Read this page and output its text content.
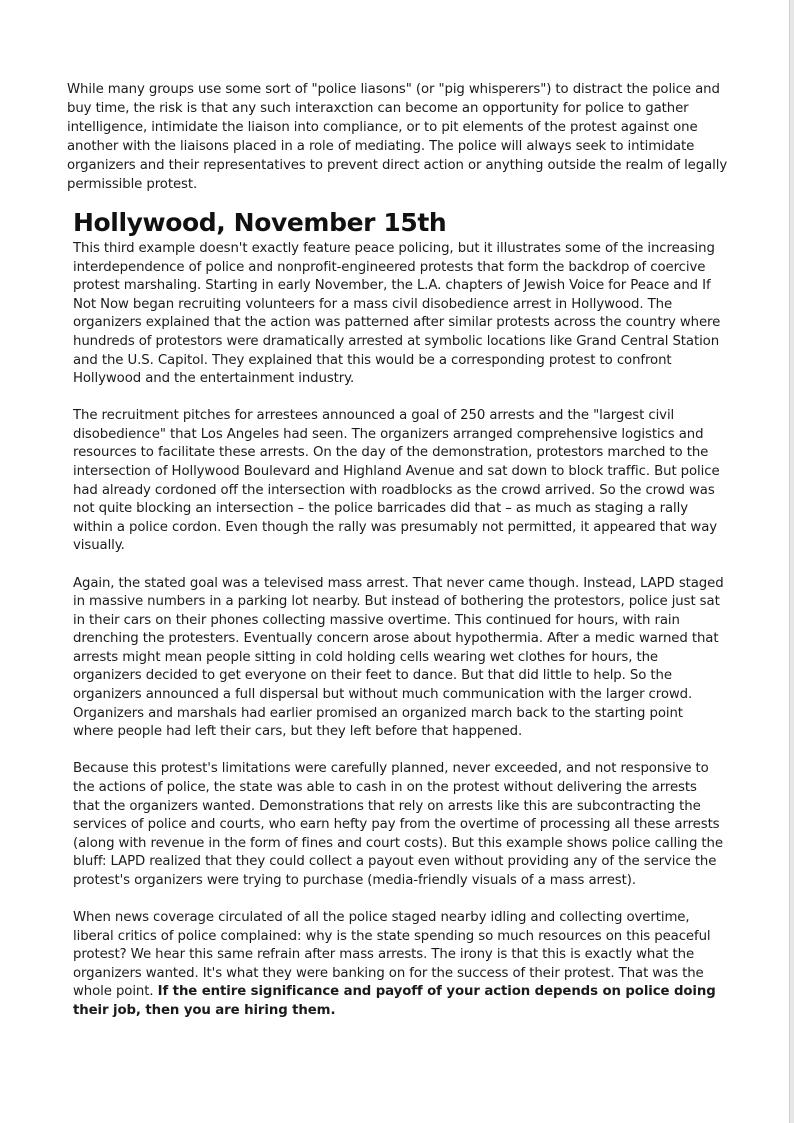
While many groups use some sort of "police liasons" (or "pig whisperers") to distract the police and buy time, the risk is that any such interaxction can become an opportunity for police to gather intelligence, intimidate the liaison into compliance, or to pit elements of the protest against one another with the liaisons placed in a role of mediating. The police will always seek to intimidate organizers and their representatives to prevent direct action or anything outside the realm of legally permissible protest.

Hollywood, November 15th

This third example doesn't exactly feature peace policing, but it illustrates some of the increasing interdependence of police and nonprofit-engineered protests that form the backdrop of coercive protest marshaling. Starting in early November, the L.A. chapters of Jewish Voice for Peace and If Not Now began recruiting volunteers for a mass civil disobedience arrest in Hollywood. The organizers explained that the action was patterned after similar protests across the country where hundreds of protestors were dramatically arrested at symbolic locations like Grand Central Station and the U.S. Capitol. They explained that this would be a corresponding protest to confront Hollywood and the entertainment industry.

The recruitment pitches for arrestees announced a goal of 250 arrests and the "largest civil disobedience" that Los Angeles had seen. The organizers arranged comprehensive logistics and resources to facilitate these arrests. On the day of the demonstration, protestors marched to the intersection of Hollywood Boulevard and Highland Avenue and sat down to block traffic. But police had already cordoned off the intersection with roadblocks as the crowd arrived. So the crowd was not quite blocking an intersection – the police barricades did that – as much as staging a rally within a police cordon. Even though the rally was presumably not permitted, it appeared that way visually.

Again, the stated goal was a televised mass arrest. That never came though. Instead, LAPD staged in massive numbers in a parking lot nearby. But instead of bothering the protestors, police just sat in their cars on their phones collecting massive overtime. This continued for hours, with rain drenching the protesters. Eventually concern arose about hypothermia. After a medic warned that arrests might mean people sitting in cold holding cells wearing wet clothes for hours, the organizers decided to get everyone on their feet to dance. But that did little to help. So the organizers announced a full dispersal but without much communication with the larger crowd. Organizers and marshals had earlier promised an organized march back to the starting point where people had left their cars, but they left before that happened.

Because this protest's limitations were carefully planned, never exceeded, and not responsive to the actions of police, the state was able to cash in on the protest without delivering the arrests that the organizers wanted. Demonstrations that rely on arrests like this are subcontracting the services of police and courts, who earn hefty pay from the overtime of processing all these arrests (along with revenue in the form of fines and court costs). But this example shows police calling the bluff: LAPD realized that they could collect a payout even without providing any of the service the protest's organizers were trying to purchase (media-friendly visuals of a mass arrest).

When news coverage circulated of all the police staged nearby idling and collecting overtime, liberal critics of police complained: why is the state spending so much resources on this peaceful protest? We hear this same refrain after mass arrests. The irony is that this is exactly what the organizers wanted. It's what they were banking on for the success of their protest. That was the whole point. If the entire significance and payoff of your action depends on police doing their job, then you are hiring them.
